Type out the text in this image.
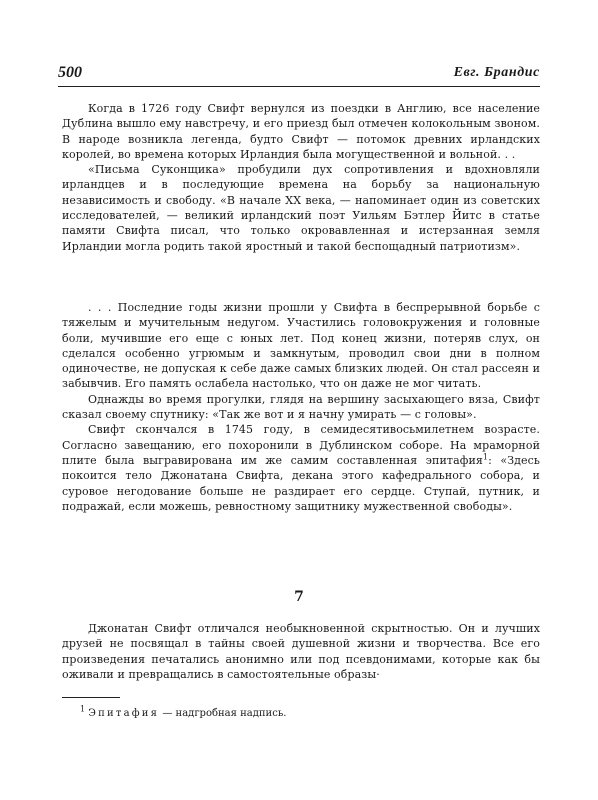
500	Евг. Брандис

Когда в 1726 году Свифт вернулся из поездки в Англию, все население Дублина вышло ему навстречу, и его приезд был отмечен колокольным звоном. В народе возникла легенда, будто Свифт — потомок древних ирландских королей, во времена которых Ирландия была могущественной и вольной. . .

«Письма Суконщика» пробудили дух сопротивления и вдохновляли ирландцев и в последующие времена на борьбу за национальную независимость и свободу. «В начале XX века, — напоминает один из советских исследователей, — великий ирландский поэт Уильям Бэтлер Йитс в статье памяти Свифта писал, что только окровавленная и истерзанная земля Ирландии могла родить такой яростный и такой беспощадный патриотизм».

. . . Последние годы жизни прошли у Свифта в беспрерывной борьбе с тяжелым и мучительным недугом. Участились головокружения и головные боли, мучившие его еще с юных лет. Под конец жизни, потеряв слух, он сделался особенно угрюмым и замкнутым, проводил свои дни в полном одиночестве, не допуская к себе даже самых близких людей. Он стал рассеян и забывчив. Его память ослабела настолько, что он даже не мог читать.

Однажды во время прогулки, глядя на вершину засыхающего вяза, Свифт сказал своему спутнику: «Так же вот и я начну умирать — с головы».

Свифт скончался в 1745 году, в семидесятивосьмилетнем возрасте. Согласно завещанию, его похоронили в Дублинском соборе. На мраморной плите была выгравирована им же самим составленная эпитафия$^1$: «Здесь покоится тело Джонатана Свифта, декана этого кафедрального собора, и суровое негодование больше не раздирает его сердце. Ступай, путник, и подражай, если можешь, ревностному защитнику мужественной свободы».

7

Джонатан Свифт отличался необыкновенной скрытностью. Он и лучших друзей не посвящал в тайны своей душевной жизни и творчества. Все его произведения печатались анонимно или под псевдонимами, которые как бы оживали и превращались в самостоятельные образы·

$^1$ Эпитафия — надгробная надпись.
